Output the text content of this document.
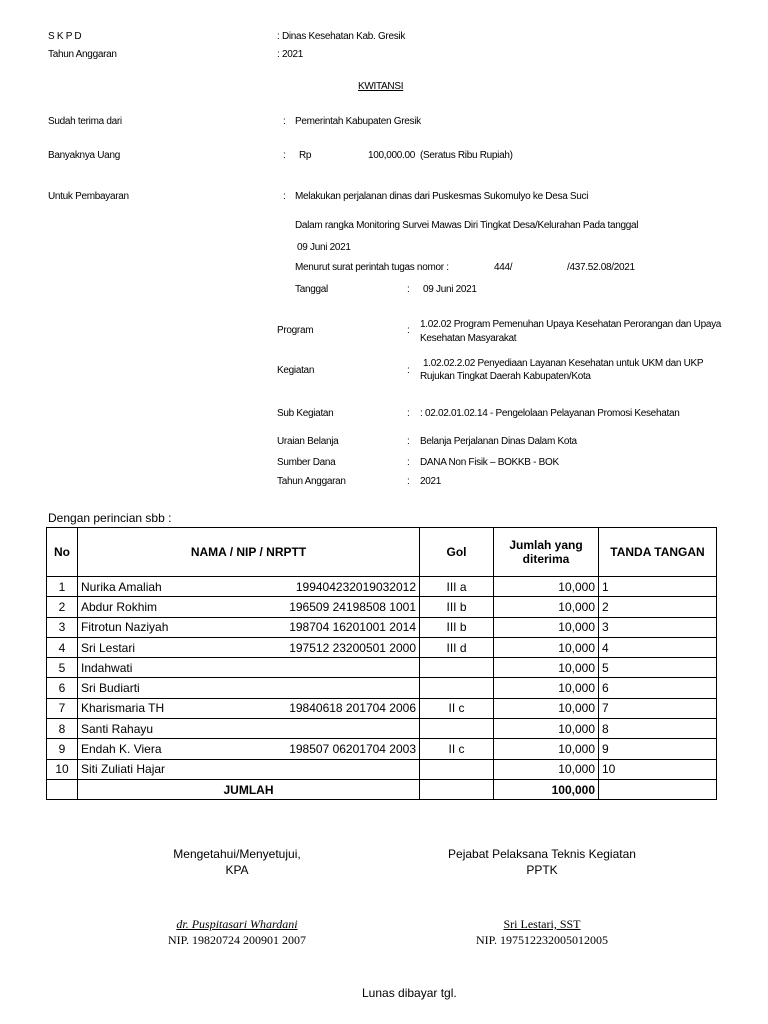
S K P D	: Dinas Kesehatan Kab. Gresik
Tahun Anggaran	: 2021
KWITANSI
Sudah terima dari	: Pemerintah Kabupaten Gresik
Banyaknya Uang	: Rp	100,000.00 (Seratus Ribu Rupiah)
Untuk Pembayaran	: Melakukan perjalanan dinas dari Puskesmas Sukomulyo ke Desa Suci
Dalam rangka Monitoring Survei Mawas Diri Tingkat Desa/Kelurahan Pada tanggal
09 Juni 2021
Menurut surat perintah tugas nomor :	444/	/437.52.08/2021
Tanggal	: 09 Juni 2021
Program	:
1.02.02 Program Pemenuhan Upaya Kesehatan Perorangan dan Upaya
Kesehatan Masyarakat
Kegiatan	:
1.02.02.2.02 Penyediaan Layanan Kesehatan untuk UKM dan UKP
Rujukan Tingkat Daerah Kabupaten/Kota
Sub Kegiatan	: : 02.02.01.02.14 - Pengelolaan Pelayanan Promosi Kesehatan
Uraian Belanja	: Belanja Perjalanan Dinas Dalam Kota
Sumber Dana	: DANA Non Fisik – BOKKB - BOK
Tahun Anggaran	: 2021
Dengan perincian sbb :
No	NAMA / NIP / NRPTT	Gol	Jumlah yang
diterima	TANDA TANGAN
1	Nurika Amaliah 199404232019032012	III a	10,000	1
2	Abdur Rokhim 196509 24198508 1001	III b	10,000	2
3	Fitrotun Naziyah 198704 16201001 2014	III b	10,000	3
4	Sri Lestari 197512 23200501 2000	III d	10,000	4
5	Indahwati		10,000	5
6	Sri Budiarti		10,000	6
7	Kharismaria TH 19840618 201704 2006	II c	10,000	7
8	Santi Rahayu		10,000	8
9	Endah K. Viera 198507 06201704 2003	II c	10,000	9
10	Siti Zuliati Hajar		10,000	10
	JUMLAH		100,000	
Mengetahui/Menyetujui,
KPA
Pejabat Pelaksana Teknis Kegiatan
PPTK
dr. Puspitasari Whardani
NIP. 19820724 200901 2007
Sri Lestari, SST
NIP. 197512232005012005
Lunas dibayar tgl.
